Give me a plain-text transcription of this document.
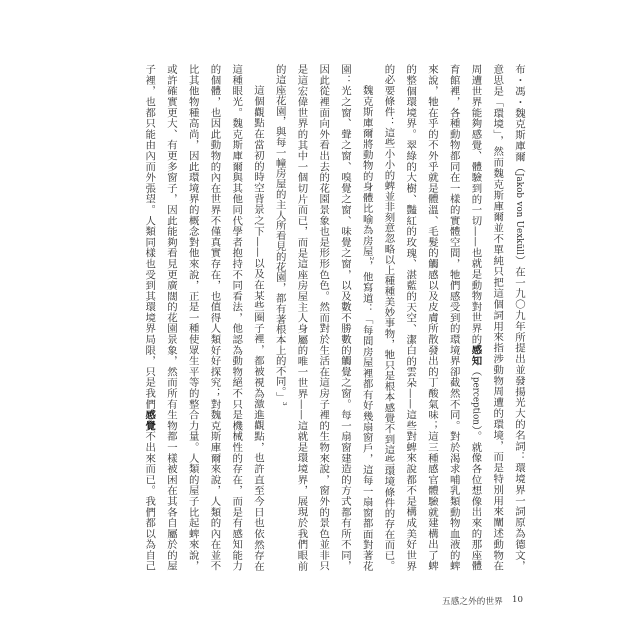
布・馮・魏克斯庫爾（Jakob von Uexküll）在一九〇九年所提出並發揚光大的名詞：環境界一詞原為德文，
意思是「環境」，然而魏克斯庫爾並不單純只把這個詞用來指涉動物周遭的環境，而是特別用來闡述動物在
周遭世界能夠感覺、體驗到的一切——也就是動物對世界的感知（perception）。就像各位想像出來的那座體
育館裡，各種動物都同在一樣的實體空間，牠們感受到的環境界卻截然不同。對於渴求哺乳類動物血液的蜱
來說，牠在乎的不外乎就是體溫、毛髮的觸感以及皮膚所散發出的丁酸氣味；這三種感官體驗就建構出了蜱
的整個環境界。翠綠的大樹、豔紅的玫瑰、湛藍的天空、潔白的雲朵——這些對蜱來說都不是構成美好世界
的必要條件：這些小小的蜱並非刻意忽略以上種種美妙事物，牠只是根本感覺不到這些環境條件的存在而已。
魏克斯庫爾將動物的身體比喻為房屋$^2$，他寫道：「每間房屋裡都有好幾扇窗戶，這每一扇窗都面對著花
園：光之窗、聲之窗、嗅覺之窗、味覺之窗，以及數不勝數的觸覺之窗。每一扇窗建造的方式都有所不同，
因此從裡面向外看出去的花園景象也是形形色色。然而對於生活在這房子裡的生物來說，窗外的景色並非只
是這宏偉世界的其中一個切片而已，而是這座房屋主人身屬的唯一世界——這就是環境界，展現於我們眼前
的這座花園，與每一幢房屋的主人所看見的花園，都有著根本上的不同。」$^3$
這個觀點在當初的時空背景之下——以及在某些圈子裡，都被視為激進觀點，也許直至今日也依然存在
這種眼光。魏克斯庫爾與其他同代學者抱持不同看法，他認為動物絕不只是機械性的存在，而是有感知能力
的個體，也因此動物的內在世界不僅真實存在，也值得人類好好探究；對魏克斯庫爾來說，人類的內在並不
比其他物種高尚，因此環境界的概念對他來說，正是一種使眾生平等的整合力量。人類的屋子比起蜱來說，
或許確實更大、有更多窗子，因此能夠看見更廣闊的花園景象，然而所有生物都一樣被困在其各自屬於的屋
子裡，也都只能由內而外張望。人類同樣也受到其環境界局限，只是我們感覺不出來而已。我們都以為自己
五感之外的世界 10
